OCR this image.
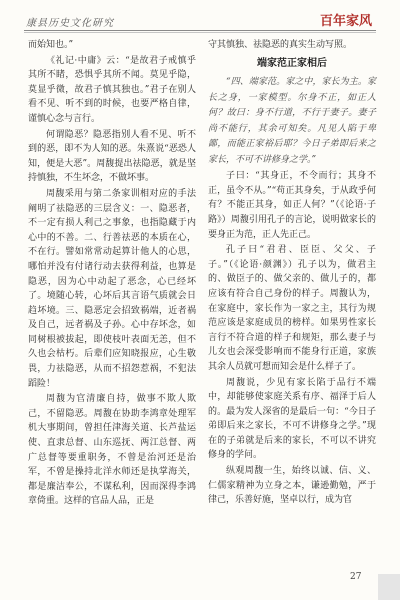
康县历史文化研究	百年家风

而始知也。”

《礼记·中庸》云：“是故君子戒慎乎其所不睹，恐惧乎其所不闻。莫见乎隐，莫显乎微，故君子慎其独也。”君子在别人看不见、听不到的时候，也要严格自律，谨慎心念与言行。

何谓隐恶？隐恶指别人看不见、听不到的恶，即不为人知的恶。朱熹说“恶恐人知，便是大恶”。周馥提出祛隐恶，就是坚持慎独，不生坏念，不做坏事。

周馥采用与第二条家训相对应的手法阐明了祛隐恶的三层含义：一、隐恶者，不一定有损人利己之事象，也指隐藏于内心中的不善。二、行善祛恶的本质在心，不在行。譬如常常动起算计他人的心思，哪怕并没有付诸行动去获得利益，也算是隐恶，因为心中动起了恶念，心已经坏了。境随心转，心坏后其言语气质就会日趋坏境。三、隐恶定会招致祸端，近者祸及自己，远者祸及子孙。心中存坏念，如同树根被拔起，即使枝叶表面无恙，但不久也会枯朽。后辈们应知晓报应，心生敬畏，力祛隐恶，从而不招怨惹祸，不犯法蹈险！

周馥为官清廉自持，做事不欺人欺己，不留隐恶。周馥在协助李鸿章处理军机大事期间，曾担任津海关道、长芦盐运使、直隶总督、山东巡抚、两江总督、两广总督等要重职务，不曾是治河还是治军，不曾是操持北洋水师还是执掌海关，都是廉洁奉公，不谋私利，因而深得李鸿章倚重。这样的官品人品，正是

守其慎独、祛隐恶的真实生动写照。

端家范正家相后

“四、端家范。家之中，家长为主。家长之身，一家模型。尔身不正，如正人何？故曰：身不行道，不行于妻子。妻子尚不能行，其余可知矣。凡见人陷于卑鄙，而能正家裕后耶？今日子弟即后来之家长，不可不讲修身之学。”

子曰：“其身正，不令而行；其身不正，虽令不从。”“苟正其身矣，于从政乎何有？不能正其身，如正人何？”（《论语·子路》）周馥引用孔子的言论，说明做家长的要身正为范，正人先正己。

孔子曰“君君、臣臣、父父、子子。”（《论语·颜渊》）孔子以为，做君主的、做臣子的、做父亲的、做儿子的，都应该有符合自己身份的样子。周馥认为，在家庭中，家长作为一家之主，其行为规范应该是家庭成员的榜样。如果男性家长言行不符合道的样子和规矩，那么妻子与儿女也会深受影响而不能身行正道，家族其余人员就可想而知会是什么样子了。

周馥说，少见有家长陷于品行不端中，却能够使家庭关系有序、福泽于后人的。最为发人深省的是最后一句：“今日子弟即后来之家长，不可不讲修身之学。”现在的子弟就是后来的家长，不可以不讲究修身的学问。

纵观周馥一生，始终以诚、信、义、仁儒家精神为立身之本，谦逊勤勉，严于律己，乐善好施，坚卓以行，成为官

27
